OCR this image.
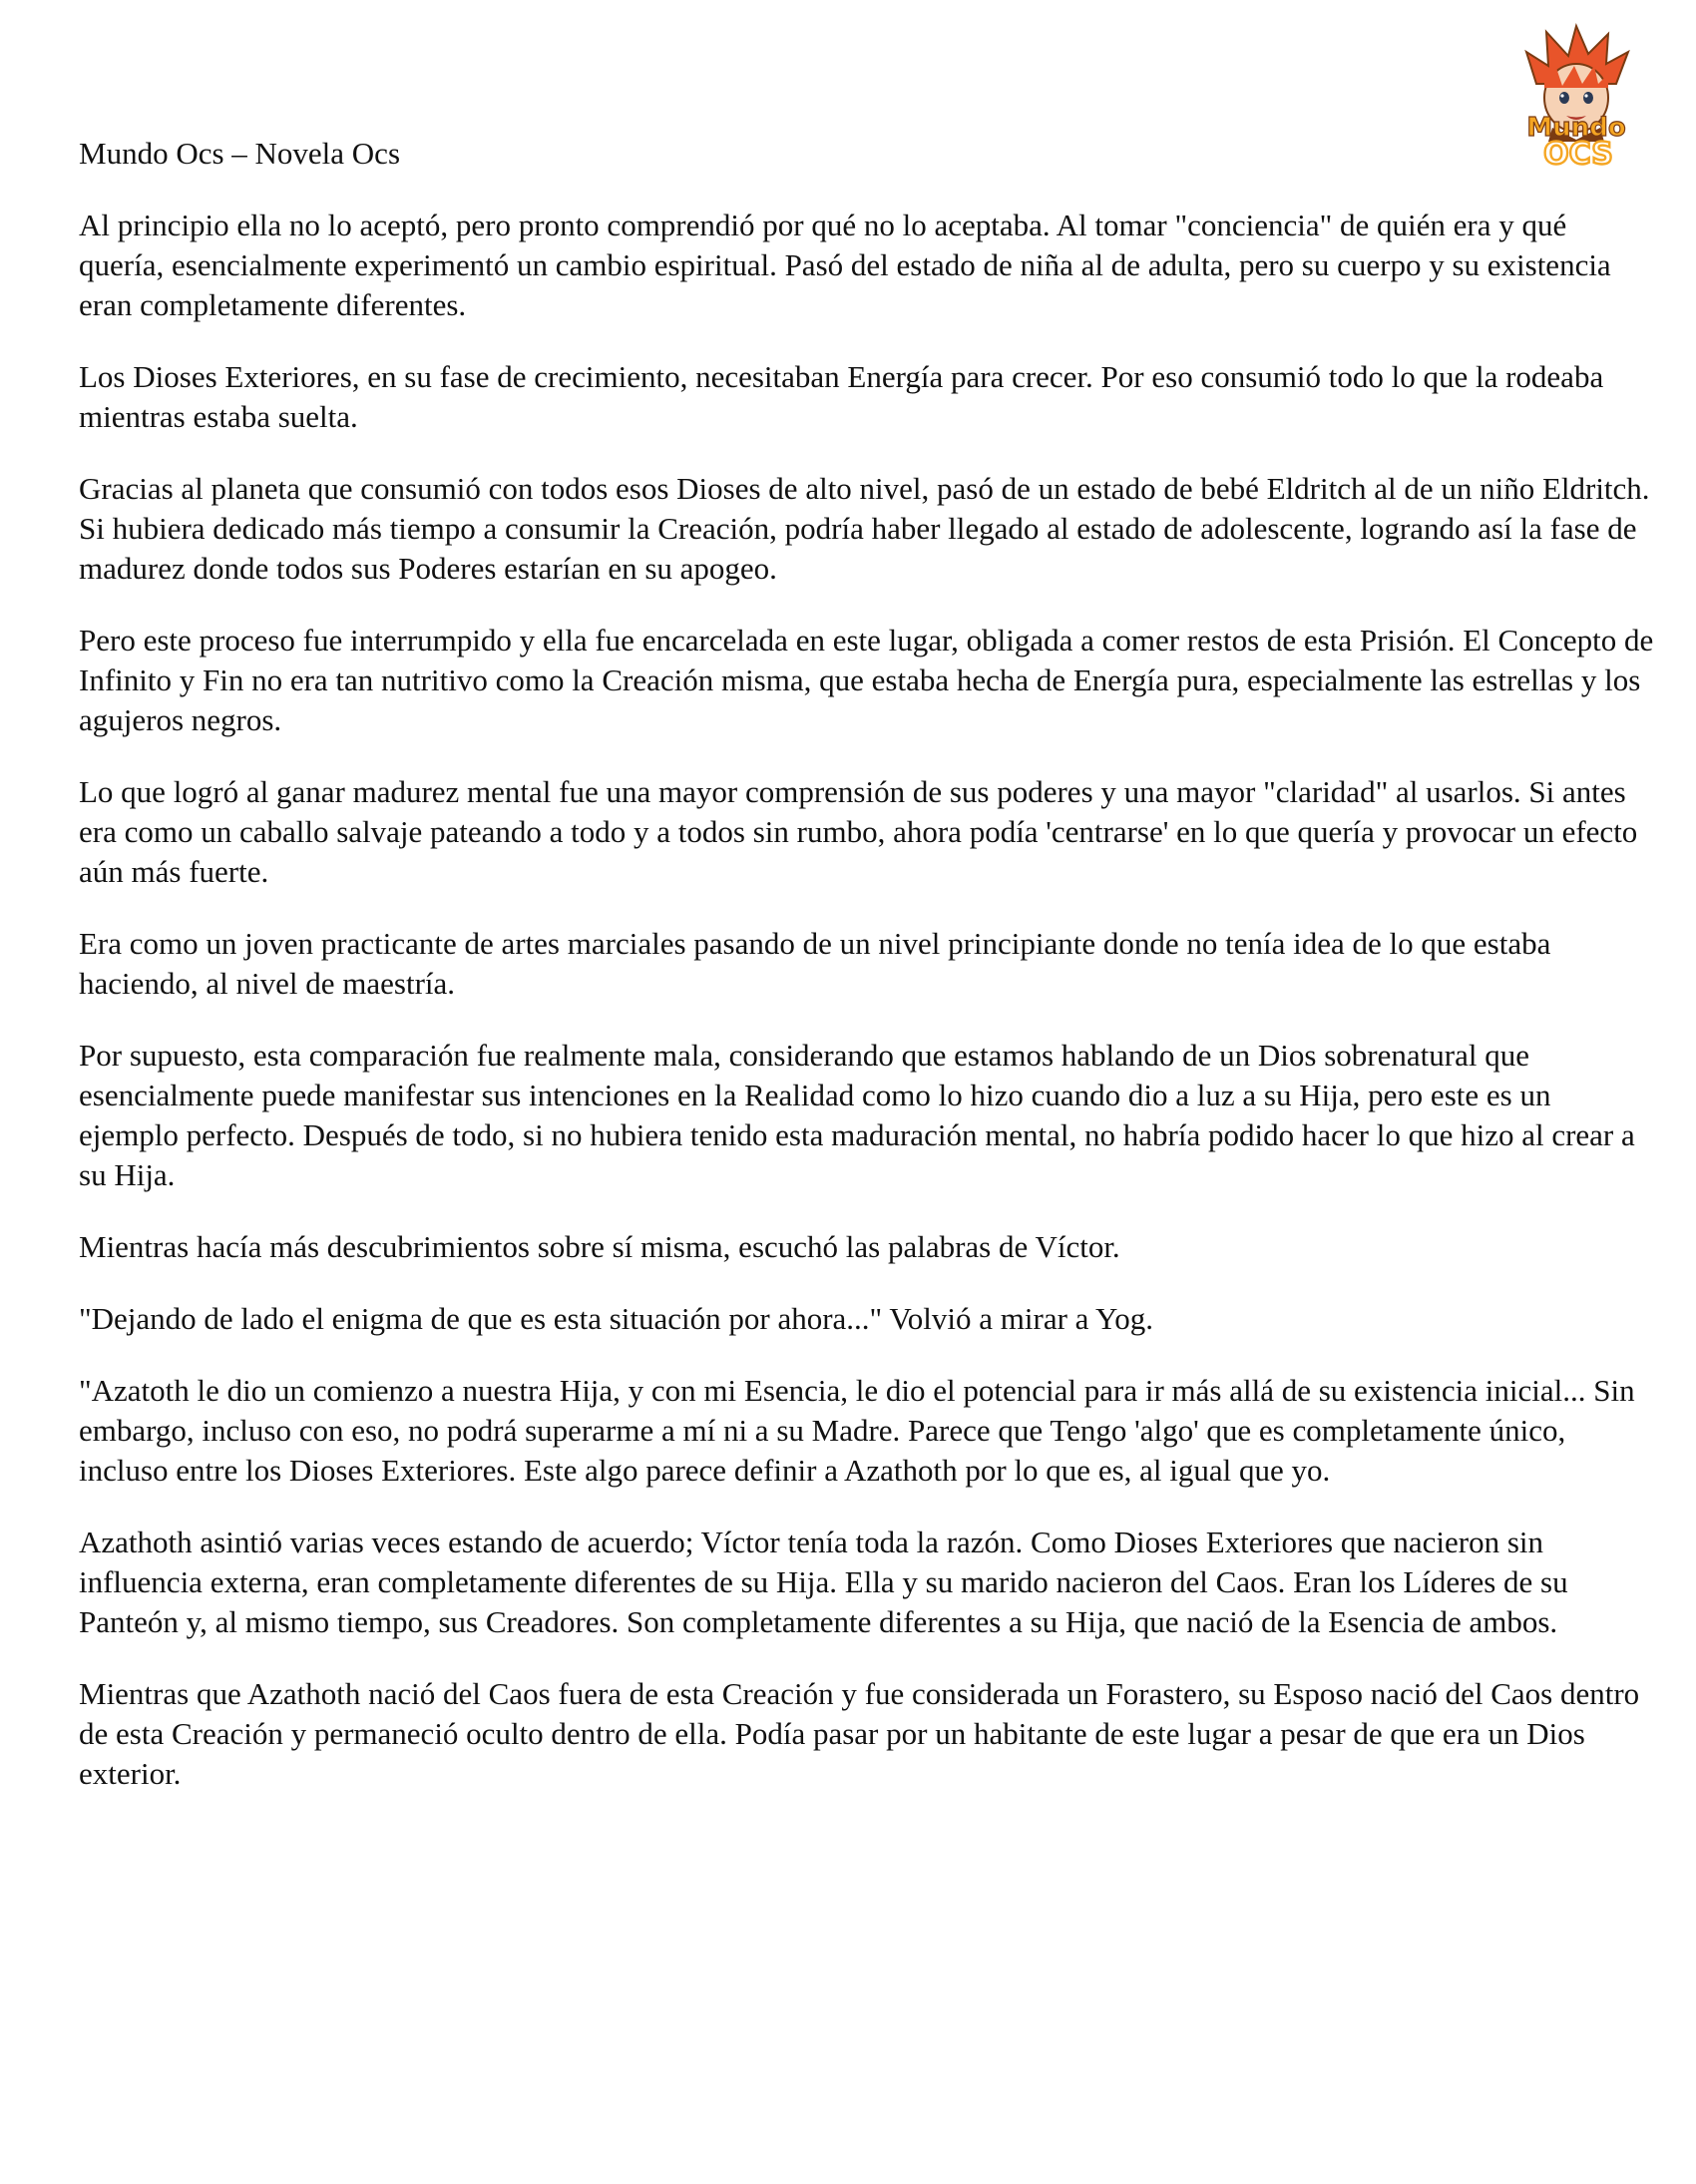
Mundo
OCS
Mundo Ocs – Novela Ocs

Al principio ella no lo aceptó, pero pronto comprendió por qué no lo aceptaba. Al tomar "conciencia" de quién era y qué quería, esencialmente experimentó un cambio espiritual. Pasó del estado de niña al de adulta, pero su cuerpo y su existencia eran completamente diferentes.

Los Dioses Exteriores, en su fase de crecimiento, necesitaban Energía para crecer. Por eso consumió todo lo que la rodeaba mientras estaba suelta.

Gracias al planeta que consumió con todos esos Dioses de alto nivel, pasó de un estado de bebé Eldritch al de un niño Eldritch. Si hubiera dedicado más tiempo a consumir la Creación, podría haber llegado al estado de adolescente, logrando así la fase de madurez donde todos sus Poderes estarían en su apogeo.

Pero este proceso fue interrumpido y ella fue encarcelada en este lugar, obligada a comer restos de esta Prisión. El Concepto de Infinito y Fin no era tan nutritivo como la Creación misma, que estaba hecha de Energía pura, especialmente las estrellas y los agujeros negros.

Lo que logró al ganar madurez mental fue una mayor comprensión de sus poderes y una mayor "claridad" al usarlos. Si antes era como un caballo salvaje pateando a todo y a todos sin rumbo, ahora podía 'centrarse' en lo que quería y provocar un efecto aún más fuerte.

Era como un joven practicante de artes marciales pasando de un nivel principiante donde no tenía idea de lo que estaba haciendo, al nivel de maestría.

Por supuesto, esta comparación fue realmente mala, considerando que estamos hablando de un Dios sobrenatural que esencialmente puede manifestar sus intenciones en la Realidad como lo hizo cuando dio a luz a su Hija, pero este es un ejemplo perfecto. Después de todo, si no hubiera tenido esta maduración mental, no habría podido hacer lo que hizo al crear a su Hija.

Mientras hacía más descubrimientos sobre sí misma, escuchó las palabras de Víctor.

"Dejando de lado el enigma de que es esta situación por ahora..." Volvió a mirar a Yog.

"Azatoth le dio un comienzo a nuestra Hija, y con mi Esencia, le dio el potencial para ir más allá de su existencia inicial... Sin embargo, incluso con eso, no podrá superarme a mí ni a su Madre. Parece que Tengo 'algo' que es completamente único, incluso entre los Dioses Exteriores. Este algo parece definir a Azathoth por lo que es, al igual que yo.

Azathoth asintió varias veces estando de acuerdo; Víctor tenía toda la razón. Como Dioses Exteriores que nacieron sin influencia externa, eran completamente diferentes de su Hija. Ella y su marido nacieron del Caos. Eran los Líderes de su Panteón y, al mismo tiempo, sus Creadores. Son completamente diferentes a su Hija, que nació de la Esencia de ambos.

Mientras que Azathoth nació del Caos fuera de esta Creación y fue considerada un Forastero, su Esposo nació del Caos dentro de esta Creación y permaneció oculto dentro de ella. Podía pasar por un habitante de este lugar a pesar de que era un Dios exterior.
